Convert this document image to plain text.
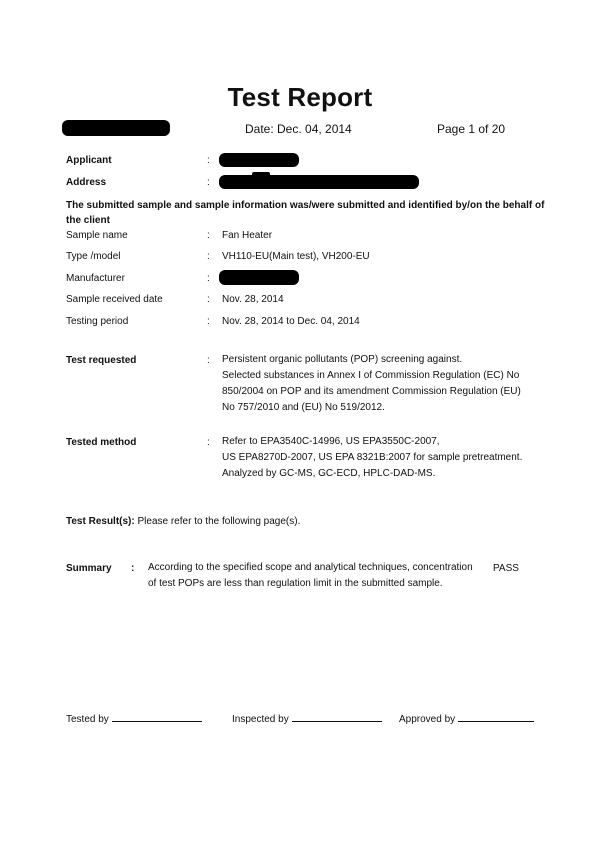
Test Report
Date: Dec. 04, 2014	Page 1 of 20
Applicant	:
Address	:
The submitted sample and sample information was/were submitted and identified by/on the behalf of the client
Sample name	: Fan Heater
Type /model	: VH110-EU(Main test), VH200-EU
Manufacturer	:
Sample received date	: Nov. 28, 2014
Testing period	: Nov. 28, 2014 to Dec. 04, 2014
Test requested	: Persistent organic pollutants (POP) screening against.
Selected substances in Annex I of Commission Regulation (EC) No
850/2004 on POP and its amendment Commission Regulation (EU)
No 757/2010 and (EU) No 519/2012.
Tested method	: Refer to EPA3540C-14996, US EPA3550C-2007,
US EPA8270D-2007, US EPA 8321B:2007 for sample pretreatment.
Analyzed by GC-MS, GC-ECD, HPLC-DAD-MS.
Test Result(s): Please refer to the following page(s).
Summary : According to the specified scope and analytical techniques, concentration
of test POPs are less than regulation limit in the submitted sample.
PASS
Tested by	Inspected by	Approved by
